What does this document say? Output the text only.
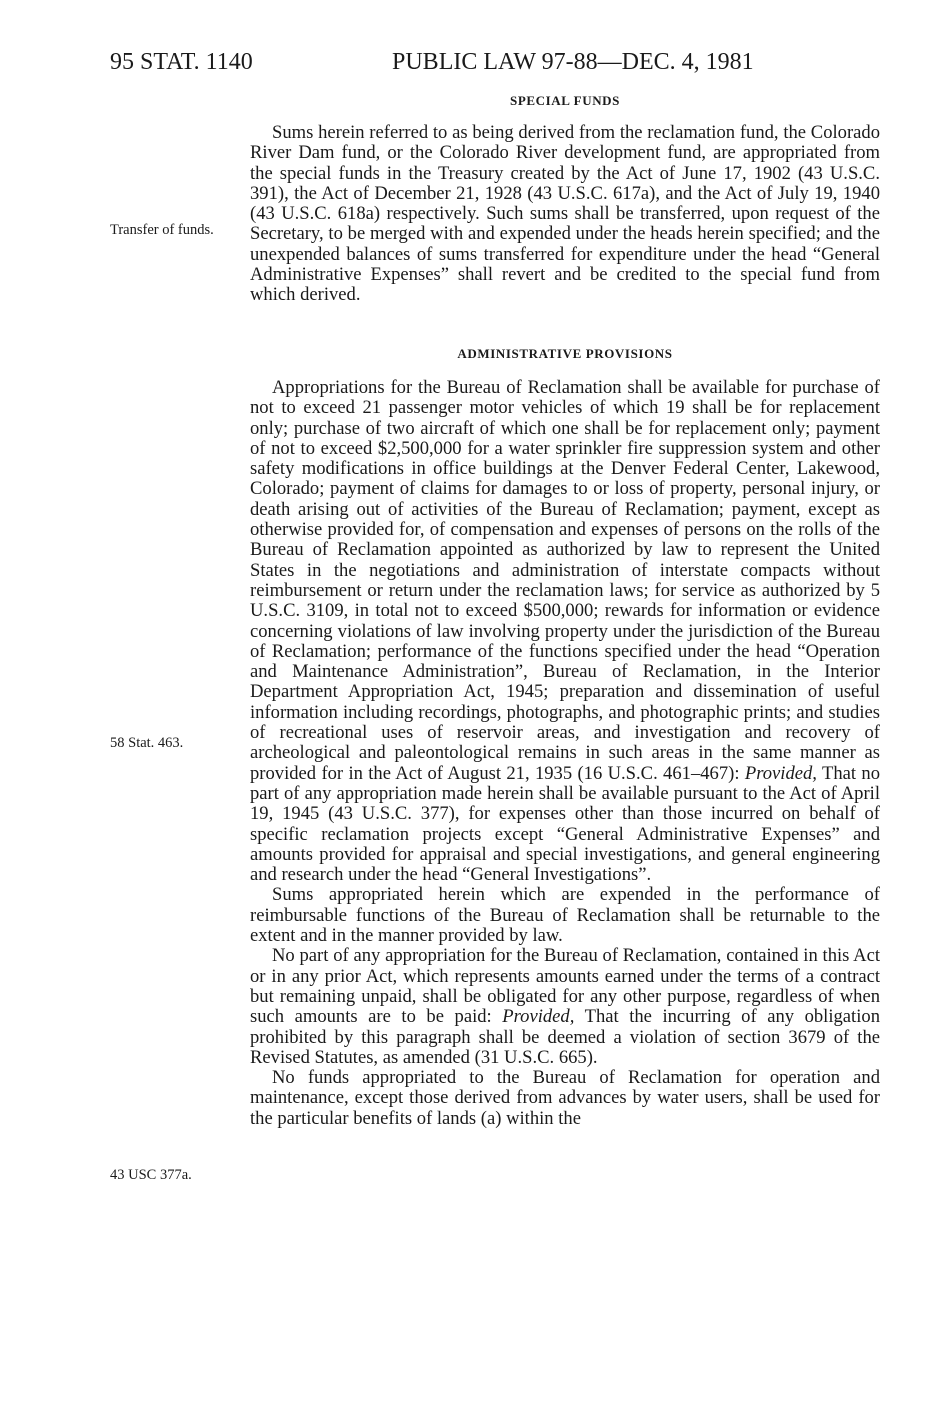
95 STAT. 1140	PUBLIC LAW 97-88—DEC. 4, 1981

SPECIAL FUNDS

Sums herein referred to as being derived from the reclamation fund, the Colorado River Dam fund, or the Colorado River development fund, are appropriated from the special funds in the Treasury created by the Act of June 17, 1902 (43 U.S.C. 391), the Act of December 21, 1928 (43 U.S.C. 617a), and the Act of July 19, 1940 (43 U.S.C. 618a) respectively. Such sums shall be transferred, upon request of the Secretary, to be merged with and expended under the heads herein specified; and the unexpended balances of sums transferred for expenditure under the head “General Administrative Expenses” shall revert and be credited to the special fund from which derived.

Transfer of funds.
ADMINISTRATIVE PROVISIONS

Appropriations for the Bureau of Reclamation shall be available for purchase of not to exceed 21 passenger motor vehicles of which 19 shall be for replacement only; purchase of two aircraft of which one shall be for replacement only; payment of not to exceed $2,500,000 for a water sprinkler fire suppression system and other safety modifications in office buildings at the Denver Federal Center, Lakewood, Colorado; payment of claims for damages to or loss of property, personal injury, or death arising out of activities of the Bureau of Reclamation; payment, except as otherwise provided for, of compensation and expenses of persons on the rolls of the Bureau of Reclamation appointed as authorized by law to represent the United States in the negotiations and administration of interstate compacts without reimbursement or return under the reclamation laws; for service as authorized by 5 U.S.C. 3109, in total not to exceed $500,000; rewards for information or evidence concerning violations of law involving property under the jurisdiction of the Bureau of Reclamation; performance of the functions specified under the head “Operation and Maintenance Administration”, Bureau of Reclamation, in the Interior Department Appropriation Act, 1945; preparation and dissemination of useful information including recordings, photographs, and photographic prints; and studies of recreational uses of reservoir areas, and investigation and recovery of archeological and paleontological remains in such areas in the same manner as provided for in the Act of August 21, 1935 (16 U.S.C. 461–467): Provided, That no part of any appropriation made herein shall be available pursuant to the Act of April 19, 1945 (43 U.S.C. 377), for expenses other than those incurred on behalf of specific reclamation projects except “General Administrative Expenses” and amounts provided for appraisal and special investigations, and general engineering and research under the head “General Investigations”.

Sums appropriated herein which are expended in the performance of reimbursable functions of the Bureau of Reclamation shall be returnable to the extent and in the manner provided by law.

No part of any appropriation for the Bureau of Reclamation, contained in this Act or in any prior Act, which represents amounts earned under the terms of a contract but remaining unpaid, shall be obligated for any other purpose, regardless of when such amounts are to be paid: Provided, That the incurring of any obligation prohibited by this paragraph shall be deemed a violation of section 3679 of the Revised Statutes, as amended (31 U.S.C. 665).

No funds appropriated to the Bureau of Reclamation for operation and maintenance, except those derived from advances by water users, shall be used for the particular benefits of lands (a) within the

58 Stat. 463.
43 USC 377a.
